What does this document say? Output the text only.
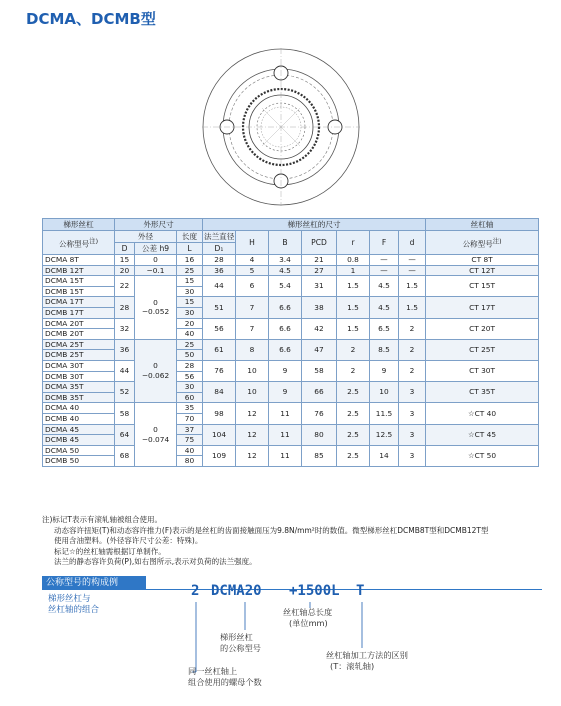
DCMA、DCMB型
梯形丝杠	外形尺寸			梯形丝杠的尺寸							丝杠轴
公称型号$^{注)}$	外径		长度	法兰直径	H	B	PCD	r	F	d	公称型号$^{注)}$
	D	公差 h9	L	D₁							
DCMA 8T	15	0	16	28	4	3.4	21	0.8	—	—	CT 8T
DCMB 12T	20	−0.1	25	36	5	4.5	27	1	—	—	CT 12T
DCMA 15T	22	0
−0.052	15	44	6	5.4	31	1.5	4.5	1.5	CT 15T
DCMB 15T			30								
DCMA 17T	28		15	51	7	6.6	38	1.5	4.5	1.5	CT 17T
DCMB 17T			30								
DCMA 20T	32		20	56	7	6.6	42	1.5	6.5	2	CT 20T
DCMB 20T			40								
DCMA 25T	36	0
−0.062	25	61	8	6.6	47	2	8.5	2	CT 25T
DCMB 25T			50								
DCMA 30T	44		28	76	10	9	58	2	9	2	CT 30T
DCMB 30T			56								
DCMA 35T	52		30	84	10	9	66	2.5	10	3	CT 35T
DCMB 35T			60								
DCMA 40	58	0
−0.074	35	98	12	11	76	2.5	11.5	3	☆CT 40
DCMB 40			70								
DCMA 45	64		37	104	12	11	80	2.5	12.5	3	☆CT 45
DCMB 45			75								
DCMA 50	68		40	109	12	11	85	2.5	14	3	☆CT 50
DCMB 50			80								
注)标记T表示有滚轧轴被组合使用。
动态容许扭矩(T)和动态容许推力(F)表示的是丝杠的齿面接触面压为9.8N/mm²时的数值。微型梯形丝杠DCMB8T型和DCMB12T型
使用含油塑料。(外径容许尺寸公差：特殊)。
标记☆的丝杠轴需根据订单制作。
法兰的静态容许负荷(P),如右图所示,表示对负荷的法兰强度。
公称型号的构成例
梯形丝杠与
丝杠轴的组合
2 DCMA20 +1500L T
丝杠轴总长度
(单位mm)
梯形丝杠
的公称型号
丝杠轴加工方法的区别
(T：滚轧轴)
同一丝杠轴上
组合使用的螺母个数
